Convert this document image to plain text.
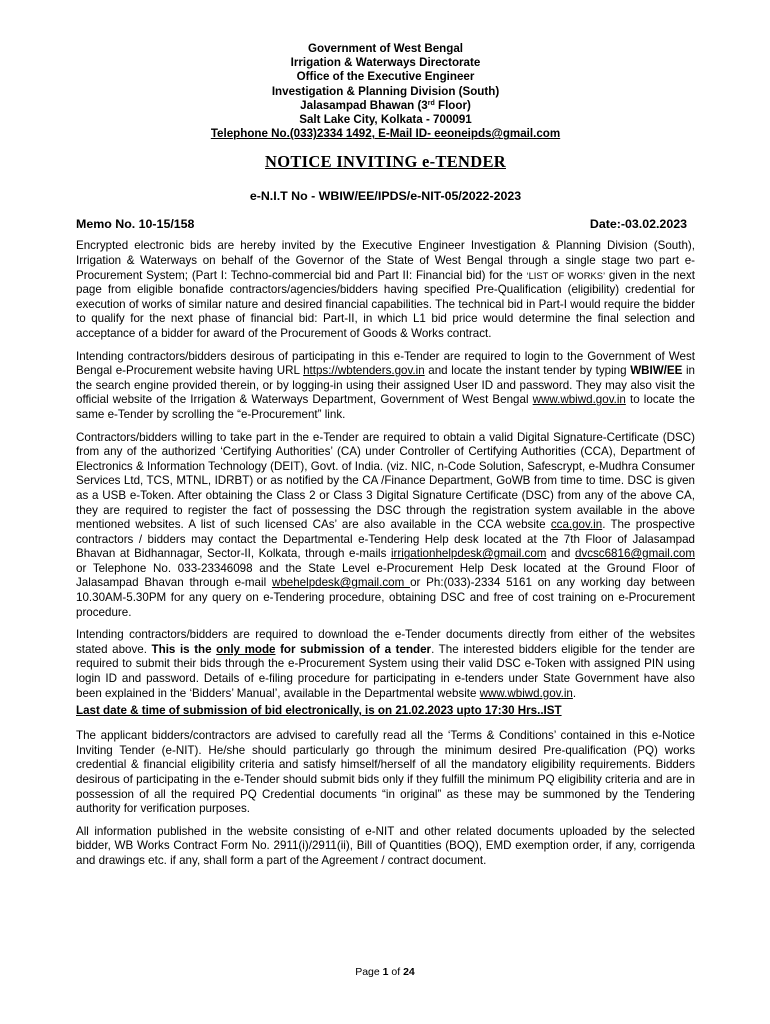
Government of West Bengal
Irrigation & Waterways Directorate
Office of the Executive Engineer
Investigation & Planning Division (South)
Jalasampad Bhawan (3rd Floor)
Salt Lake City, Kolkata - 700091
Telephone No.(033)2334 1492, E-Mail ID- eeoneipds@gmail.com
NOTICE INVITING e-TENDER
e-N.I.T No - WBIW/EE/IPDS/e-NIT-05/2022-2023
Memo No. 10-15/158	Date:-03.02.2023

Encrypted electronic bids are hereby invited by the Executive Engineer Investigation & Planning Division (South), Irrigation & Waterways on behalf of the Governor of the State of West Bengal through a single stage two part e-Procurement System; (Part I: Techno-commercial bid and Part II: Financial bid) for the ‘LIST OF WORKS’ given in the next page from eligible bonafide contractors/agencies/bidders having specified Pre-Qualification (eligibility) credential for execution of works of similar nature and desired financial capabilities. The technical bid in Part-I would require the bidder to qualify for the next phase of financial bid: Part-II, in which L1 bid price would determine the final selection and acceptance of a bidder for award of the Procurement of Goods & Works contract.

Intending contractors/bidders desirous of participating in this e-Tender are required to login to the Government of West Bengal e-Procurement website having URL https://wbtenders.gov.in and locate the instant tender by typing WBIW/EE in the search engine provided therein, or by logging-in using their assigned User ID and password. They may also visit the official website of the Irrigation & Waterways Department, Government of West Bengal www.wbiwd.gov.in to locate the same e-Tender by scrolling the “e-Procurement” link.

Contractors/bidders willing to take part in the e-Tender are required to obtain a valid Digital Signature-Certificate (DSC) from any of the authorized ‘Certifying Authorities’ (CA) under Controller of Certifying Authorities (CCA), Department of Electronics & Information Technology (DEIT), Govt. of India. (viz. NIC, n-Code Solution, Safescrypt, e-Mudhra Consumer Services Ltd, TCS, MTNL, IDRBT) or as notified by the CA /Finance Department, GoWB from time to time. DSC is given as a USB e-Token. After obtaining the Class 2 or Class 3 Digital Signature Certificate (DSC) from any of the above CA, they are required to register the fact of possessing the DSC through the registration system available in the above mentioned websites. A list of such licensed CAs’ are also available in the CCA website cca.gov.in. The prospective contractors / bidders may contact the Departmental e-Tendering Help desk located at the 7th Floor of Jalasampad Bhavan at Bidhannagar, Sector-II, Kolkata, through e-mails irrigationhelpdesk@gmail.com and dvcsc6816@gmail.com or Telephone No. 033-23346098 and the State Level e-Procurement Help Desk located at the Ground Floor of Jalasampad Bhavan through e-mail wbehelpdesk@gmail.com or Ph:(033)-2334 5161 on any working day between 10.30AM-5.30PM for any query on e-Tendering procedure, obtaining DSC and free of cost training on e-Procurement procedure.

Intending contractors/bidders are required to download the e-Tender documents directly from either of the websites stated above. This is the only mode for submission of a tender. The interested bidders eligible for the tender are required to submit their bids through the e-Procurement System using their valid DSC e-Token with assigned PIN using login ID and password. Details of e-filing procedure for participating in e-tenders under State Government have also been explained in the ‘Bidders’ Manual’, available in the Departmental website www.wbiwd.gov.in.

Last date & time of submission of bid electronically, is on 21.02.2023 upto 17:30 Hrs..IST

The applicant bidders/contractors are advised to carefully read all the ‘Terms & Conditions’ contained in this e-Notice Inviting Tender (e-NIT). He/she should particularly go through the minimum desired Pre-qualification (PQ) works credential & financial eligibility criteria and satisfy himself/herself of all the mandatory eligibility requirements. Bidders desirous of participating in the e-Tender should submit bids only if they fulfill the minimum PQ eligibility criteria and are in possession of all the required PQ Credential documents “in original” as these may be summoned by the Tendering authority for verification purposes.

All information published in the website consisting of e-NIT and other related documents uploaded by the selected bidder, WB Works Contract Form No. 2911(i)/2911(ii), Bill of Quantities (BOQ), EMD exemption order, if any, corrigenda and drawings etc. if any, shall form a part of the Agreement / contract document.

Page 1 of 24
